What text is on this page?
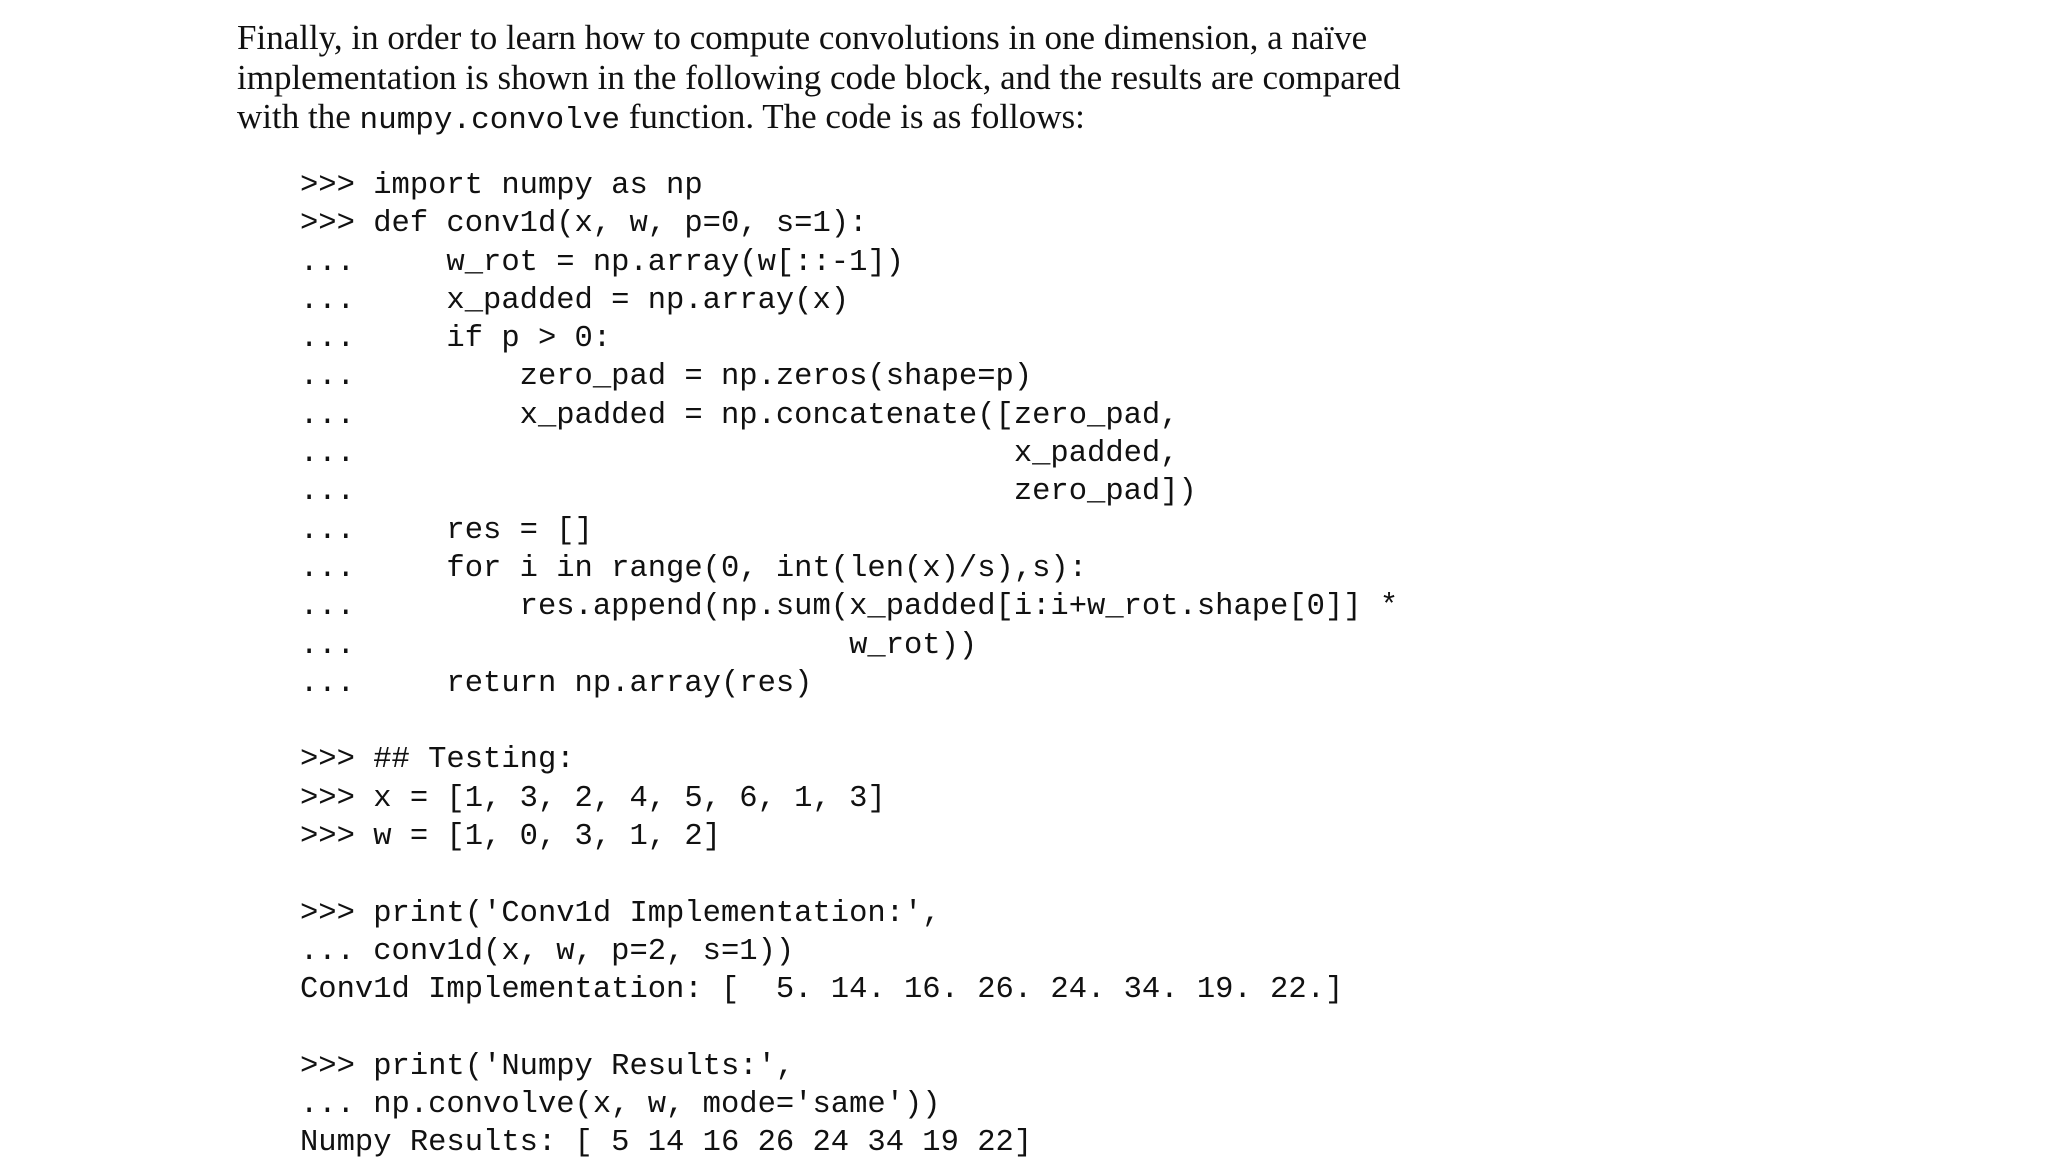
Finally, in order to learn how to compute convolutions in one dimension, a naïve
implementation is shown in the following code block, and the results are compared
with the numpy.convolve function. The code is as follows:
>>> import numpy as np
>>> def conv1d(x, w, p=0, s=1):
...     w_rot = np.array(w[::-1])
...     x_padded = np.array(x)
...     if p > 0:
...         zero_pad = np.zeros(shape=p)
...         x_padded = np.concatenate([zero_pad,
...                                    x_padded,
...                                    zero_pad])
...     res = []
...     for i in range(0, int(len(x)/s),s):
...         res.append(np.sum(x_padded[i:i+w_rot.shape[0]] *
...                           w_rot))
...     return np.array(res)
>>> ## Testing:
>>> x = [1, 3, 2, 4, 5, 6, 1, 3]
>>> w = [1, 0, 3, 1, 2]
>>> print('Conv1d Implementation:',
... conv1d(x, w, p=2, s=1))
Conv1d Implementation: [  5. 14. 16. 26. 24. 34. 19. 22.]
>>> print('Numpy Results:',
... np.convolve(x, w, mode='same'))
Numpy Results: [ 5 14 16 26 24 34 19 22]
